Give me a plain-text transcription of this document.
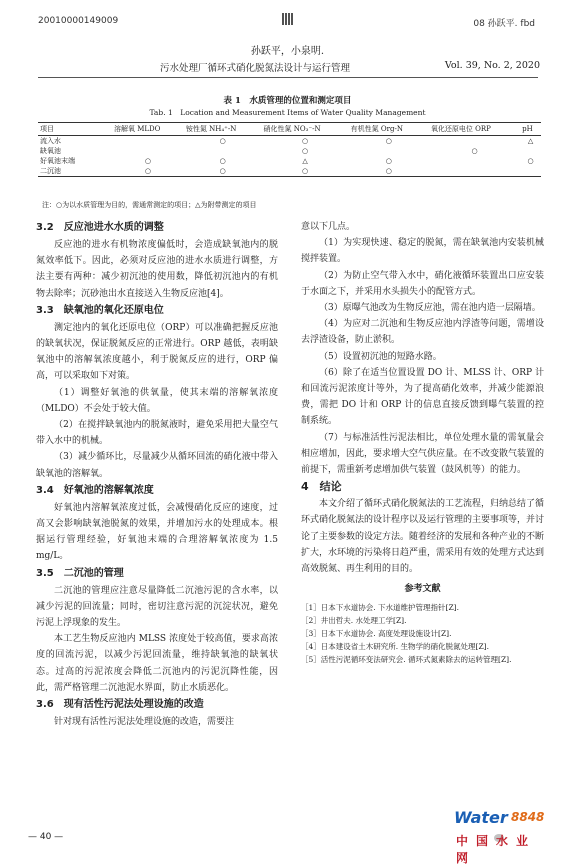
20010000149009	08 孙跃平. fbd
孙跃平，小泉明.
污水处理厂循环式硝化脱氮法设计与运行管理	Vol. 39, No. 2, 2020
表 1　水质管理的位置和测定项目
Tab. 1　Location and Measurement Items of Water Quality Management
项目	溶解氧 MLDO	铵性氮 NH₄⁺-N	硝化性氮 NO₃⁻-N	有机性氮 Org-N	氧化还原电位 ORP	pH
流入水		○	○	○		△
缺氧池			○		○	
好氧池末端	○	○	△	○		○
二沉池	○	○	○	○		
注：○为以水质管理为目的，需通常测定的项目；△为附带测定的项目

3.2　反应池进水水质的调整

反应池的进水有机物浓度偏低时，会造成缺氧池内的脱氮效率低下。因此，必须对反应池的进水水质进行调整，方法主要有两种：减少初沉池的使用数，降低初沉池内的有机物去除率；沉砂池出水直接送入生物反应池[4]。

3.3　缺氧池的氧化还原电位

测定池内的氧化还原电位（ORP）可以准确把握反应池的缺氧状况，保证脱氮反应的正常进行。ORP 越低，表明缺氧池中的溶解氧浓度越小，利于脱氮反应的进行，ORP 偏高，可以采取如下对策。

（1）调整好氧池的供氧量，使其末端的溶解氧浓度（MLDO）不会处于较大值。

（2）在搅拌缺氧池内的脱氮液时，避免采用把大量空气带入水中的机械。

（3）减少循环比，尽量减少从循环回流的硝化液中带入缺氧池的溶解氧。

3.4　好氧池的溶解氧浓度

好氧池内溶解氧浓度过低，会减慢硝化反应的速度，过高又会影响缺氧池脱氮的效果，并增加污水的处理成本。根据运行管理经验，好氧池末端的合理溶解氧浓度为 1.5 mg/L。

3.5　二沉池的管理

二沉池的管理应注意尽量降低二沉池污泥的含水率，以减少污泥的回流量；同时，密切注意污泥的沉淀状况，避免污泥上浮现象的发生。

本工艺生物反应池内 MLSS 浓度处于较高值，要求高浓度的回流污泥，以减少污泥回流量，维持缺氧池的缺氧状态。过高的污泥浓度会降低二沉池内的污泥沉降性能，因此，需严格管理二沉池泥水界面，防止水质恶化。

3.6　现有活性污泥法处理设施的改造

针对现有活性污泥法处理设施的改造，需要注

意以下几点。

（1）为实现快速、稳定的脱氮，需在缺氧池内安装机械搅拌装置。

（2）为防止空气带入水中，硝化液循环装置出口应安装于水面之下，并采用水头损失小的配管方式。

（3）原曝气池改为生物反应池，需在池内造一层隔墙。

（4）为应对二沉池和生物反应池内浮渣等问题，需增设去浮渣设备，防止淤积。

（5）设置初沉池的短路水路。

（6）除了在适当位置设置 DO 计、MLSS 计、ORP 计和回流污泥浓度计等外，为了提高硝化效率，并减少能源浪费，需把 DO 计和 ORP 计的信息直接反馈到曝气装置的控制系统。

（7）与标准活性污泥法相比，单位处理水量的需氧量会相应增加，因此，要求增大空气供应量。在不改变散气装置的前提下，需重新考虑增加供气装置（鼓风机等）的能力。

4　结论

本文介绍了循环式硝化脱氮法的工艺流程，归纳总结了循环式硝化脱氮法的设计程序以及运行管理的主要事项等，并讨论了主要参数的设定方法。随着经济的发展和各种产业的不断扩大，水环境的污染将日趋严重，需采用有效的处理方式达到高效脱氮、再生利用的目的。

参考文献

［1］日本下水道协会. 下水道维护管理指针[Z].

［2］井出哲夫. 水处理工学[Z].

［3］日本下水道协会. 高度处理设施设计[Z].

［4］日本建设省土木研究所. 生物学的硝化脱氮处理[Z].

［5］活性污泥循环变法研究会. 循环式氮素除去的运转管理[Z].

— 40 —
Water 8848
中国水业网
